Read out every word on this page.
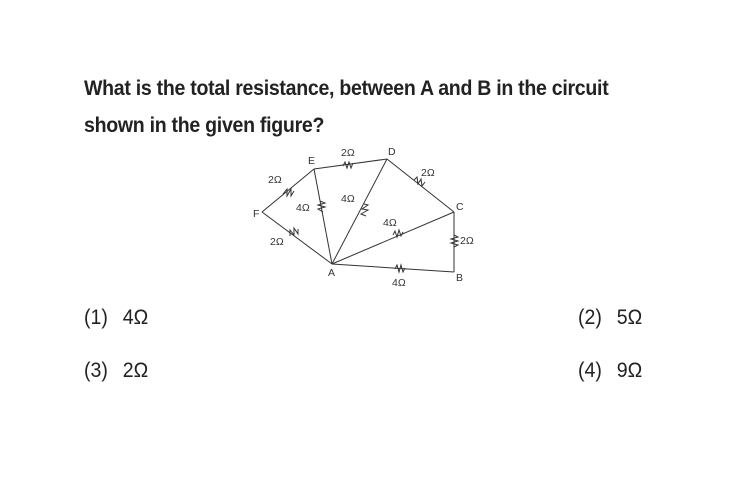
What is the total resistance, between A and B in the circuit
shown in the given figure?
2Ω
2Ω
2Ω
2Ω
4Ω
4Ω
4Ω
2Ω
4Ω
E
D
F
C
A	B
(1) 4Ω	(2) 5Ω
(3) 2Ω	(4) 9Ω
